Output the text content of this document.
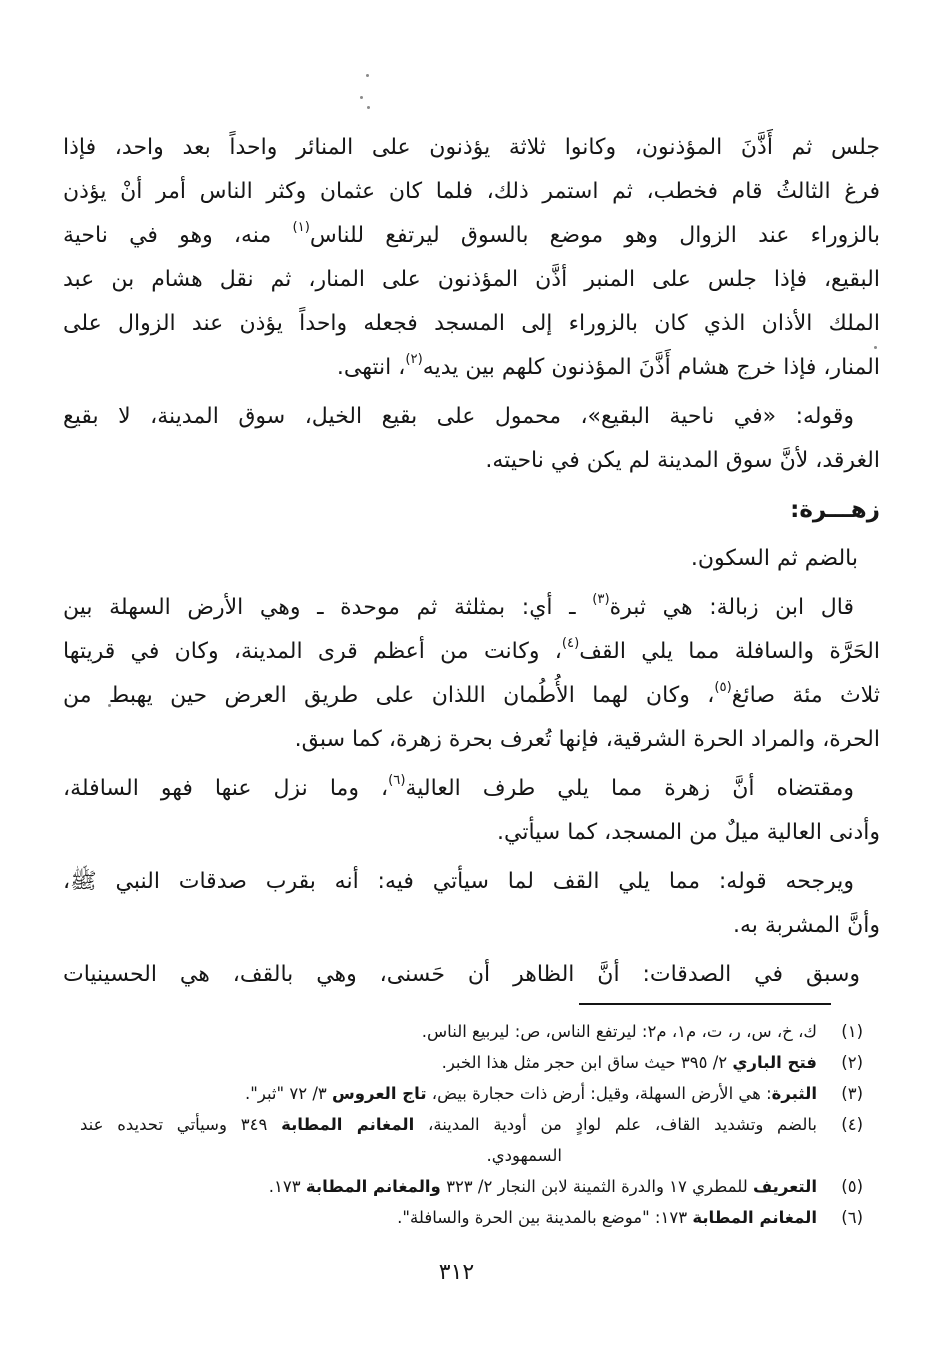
جلس ثم أَذَّنَ المؤذنون، وكانوا ثلاثة يؤذنون على المنائر واحداً بعد واحد، فإذا
فرغ الثالثُ قام فخطب، ثم استمر ذلك، فلما كان عثمان وكثر الناس أمر أنْ يؤذن
بالزوراء عند الزوال وهو موضع بالسوق ليرتفع للناس$^{(١)}$ منه، وهو في ناحية
البقيع، فإذا جلس على المنبر أذَّن المؤذنون على المنار، ثم نقل هشام بن عبد
الملك الأذان الذي كان بالزوراء إلى المسجد فجعله واحداً يؤذن عند الزوال على
المنار، فإذا خرج هشام أَذَّنَ المؤذنون كلهم بين يديه$^{(٢)}$، انتهى.
وقوله: «في ناحية البقيع»، محمول على بقيع الخيل، سوق المدينة، لا بقيع
الغرقد، لأنَّ سوق المدينة لم يكن في ناحيته.
زهـــرة:
بالضم ثم السكون.
قال ابن زبالة: هي ثبرة$^{(٣)}$ ـ أي: بمثلثة ثم موحدة ـ وهي الأرض السهلة بين
الحَرَّة والسافلة مما يلي القف$^{(٤)}$، وكانت من أعظم قرى المدينة، وكان في قريتها
ثلاث مئة صائغ$^{(٥)}$، وكان لهما الأُطُمان اللذان على طريق العرض حين يهبط من
الحرة، والمراد الحرة الشرقية، فإنها تُعرف بحرة زهرة، كما سبق.
ومقتضاه أنَّ زهرة مما يلي طرف العالية$^{(٦)}$، وما نزل عنها فهو السافلة،
وأدنى العالية ميلٌ من المسجد، كما سيأتي.
ويرجحه قوله: مما يلي القف لما سيأتي فيه: أنه بقرب صدقات النبي ﷺ،
وأنَّ المشربة به.
وسبق في الصدقات: أنَّ الظاهر أن حَسنى، وهي بالقف، هي الحسينيات
(١)
ك، خ، س، ر، ت، م١، م٢: ليرتفع الناس، ص: ليربيع الناس.
(٢)
فتح الباري ٢/ ٣٩٥ حيث ساق ابن حجر مثل هذا الخبر.
(٣)
الثبرة: هي الأرض السهلة، وقيل: أرض ذات حجارة بيض، تاج العروس ٣/ ٧٢ "ثبر".
(٤)
بالضم وتشديد القاف، علم لوادٍ من أودية المدينة، المغانم المطابة ٣٤٩ وسيأتي تحديده عند
السمهودي.
(٥)
التعريف للمطري ١٧ والدرة الثمينة لابن النجار ٢/ ٣٢٣ والمغانم المطابة ١٧٣.
(٦)
المغانم المطابة ١٧٣: "موضع بالمدينة بين الحرة والسافلة".
٣١٢
